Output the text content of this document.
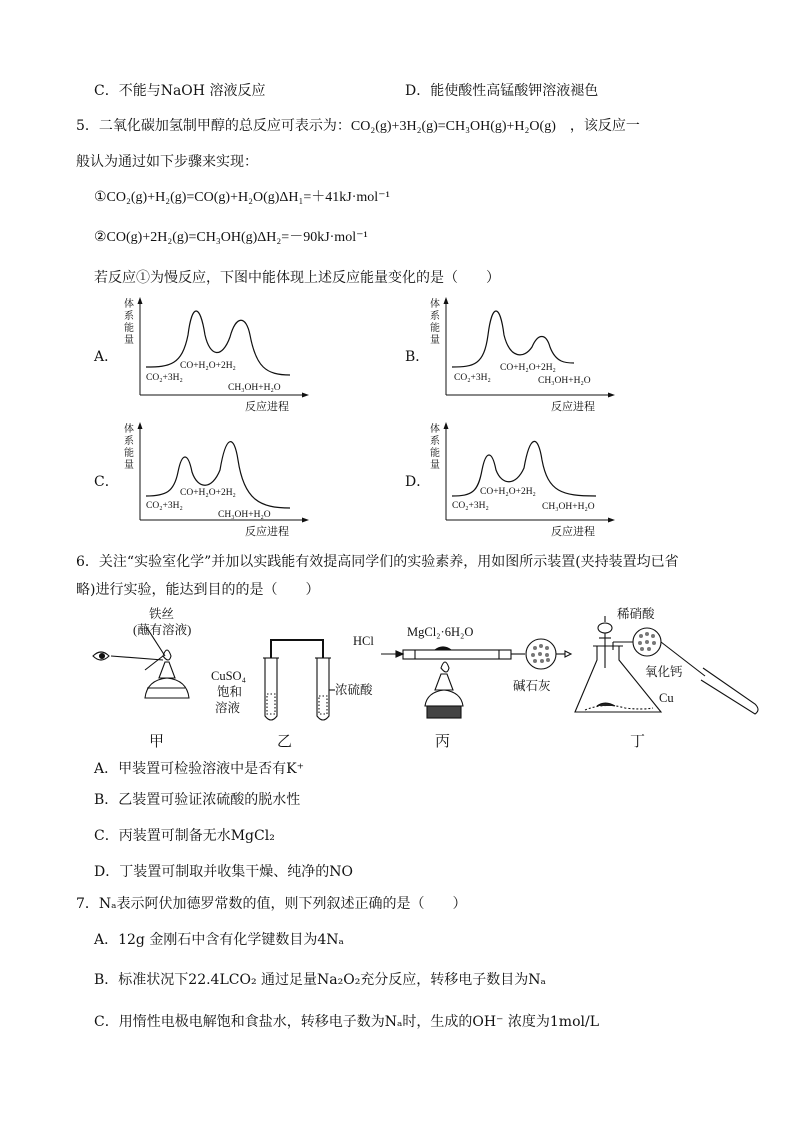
C．不能与NaOH 溶液反应	D．能使酸性高锰酸钾溶液褪色
5．二氧化碳加氢制甲醇的总反应可表示为：CO₂(g)+3H₂(g)=CH₃OH(g)+H₂O(g) ，该反应一
般认为通过如下步骤来实现：
①CO₂(g)+H₂(g)=CO(g)+H₂O(g)ΔH₁=＋41kJ·mol⁻¹
②CO(g)+2H₂(g)=CH₃OH(g)ΔH₂=－90kJ·mol⁻¹
若反应①为慢反应，下图中能体现上述反应能量变化的是（　　）
A．	B．
C．	D．
体
系
能
量
CO₂+3H₂
CO+H₂O+2H₂
CH₃OH+H₂O
反应进程
体
系
能
量
CO₂+3H₂
CO+H₂O+2H₂
CH₃OH+H₂O
反应进程
体
系
能
量
CO₂+3H₂
CO+H₂O+2H₂
CH₃OH+H₂O
反应进程
体
系
能
量
CO₂+3H₂
CO+H₂O+2H₂
CH₃OH+H₂O
反应进程
6．关注“实验室化学”并加以实践能有效提高同学们的实验素养，用如图所示装置(夹持装置均已省
略)进行实验，能达到目的的是（　　）
铁丝
(蘸有溶液)
CuSO₄
饱和
溶液
浓硫酸
HCl
MgCl₂·6H₂O
碱石灰
稀硝酸
氧化钙
Cu
甲	乙	丙	丁
A．甲装置可检验溶液中是否有K⁺
B．乙装置可验证浓硫酸的脱水性
C．丙装置可制备无水MgCl₂
D．丁装置可制取并收集干燥、纯净的NO
7．Nₐ表示阿伏加德罗常数的值，则下列叙述正确的是（　　）
A．12g 金刚石中含有化学键数目为4Nₐ
B．标准状况下22.4LCO₂ 通过足量Na₂O₂充分反应，转移电子数目为Nₐ
C．用惰性电极电解饱和食盐水，转移电子数为Nₐ时，生成的OH⁻ 浓度为1mol/L
